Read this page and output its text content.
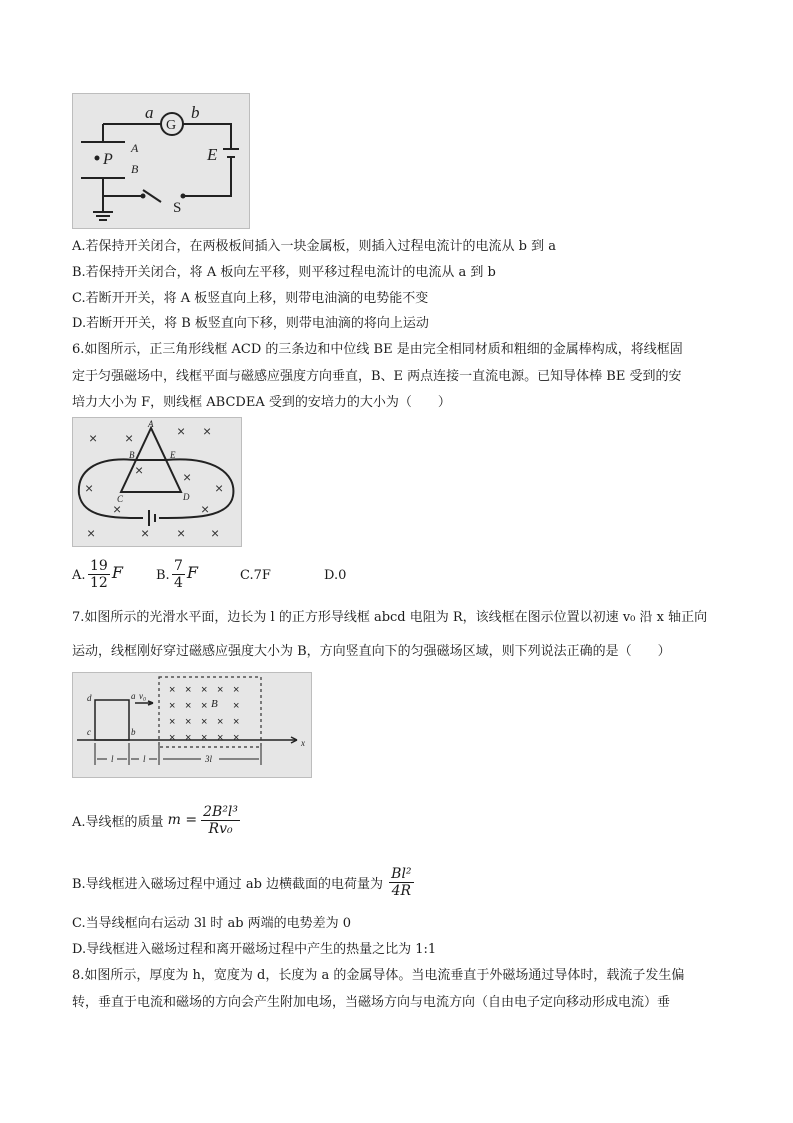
G
a b
E
P
A
B
S
A.若保持开关闭合，在两极板间插入一块金属板，则插入过程电流计的电流从 b 到 a
B.若保持开关闭合，将 A 板向左平移，则平移过程电流计的电流从 a 到 b
C.若断开开关，将 A 板竖直向上移，则带电油滴的电势能不变
D.若断开开关，将 B 板竖直向下移，则带电油滴的将向上运动
6.如图所示，正三角形线框 ACD 的三条边和中位线 BE 是由完全相同材质和粗细的金属棒构成，将线框固
定于匀强磁场中，线框平面与磁感应强度方向垂直，B、E 两点连接一直流电源。已知导体棒 BE 受到的安
培力大小为 F，则线框 ABCDEA 受到的安培力的大小为（　　）
× ×	× ×
×	×
×	×
×	×
×	× × ×
A
B	E
C	D
A. $\frac{19}{12}$ F	B. $\frac{7}{4}$ F	C.7F	D.0
7.如图所示的光滑水平面，边长为 l 的正方形导线框 abcd 电阻为 R，该线框在图示位置以初速 v₀ 沿 x 轴正向
运动，线框刚好穿过磁感应强度大小为 B，方向竖直向下的匀强磁场区域，则下列说法正确的是（　　）
× × × × ×
× × × ×
× × × × ×
× × × × ×
d	a
c	b
v₀
B
x
l	l	3l
A.导线框的质量 $m = \frac{\text{2B²l³}}{\text{Rv₀}}$
B.导线框进入磁场过程中通过 ab 边横截面的电荷量为 $\frac{\text{Bl²}}{4R}$
C.当导线框向右运动 3l 时 ab 两端的电势差为 0
D.导线框进入磁场过程和离开磁场过程中产生的热量之比为 1:1
8.如图所示，厚度为 h，宽度为 d，长度为 a 的金属导体。当电流垂直于外磁场通过导体时，载流子发生偏
转，垂直于电流和磁场的方向会产生附加电场，当磁场方向与电流方向（自由电子定向移动形成电流）垂
